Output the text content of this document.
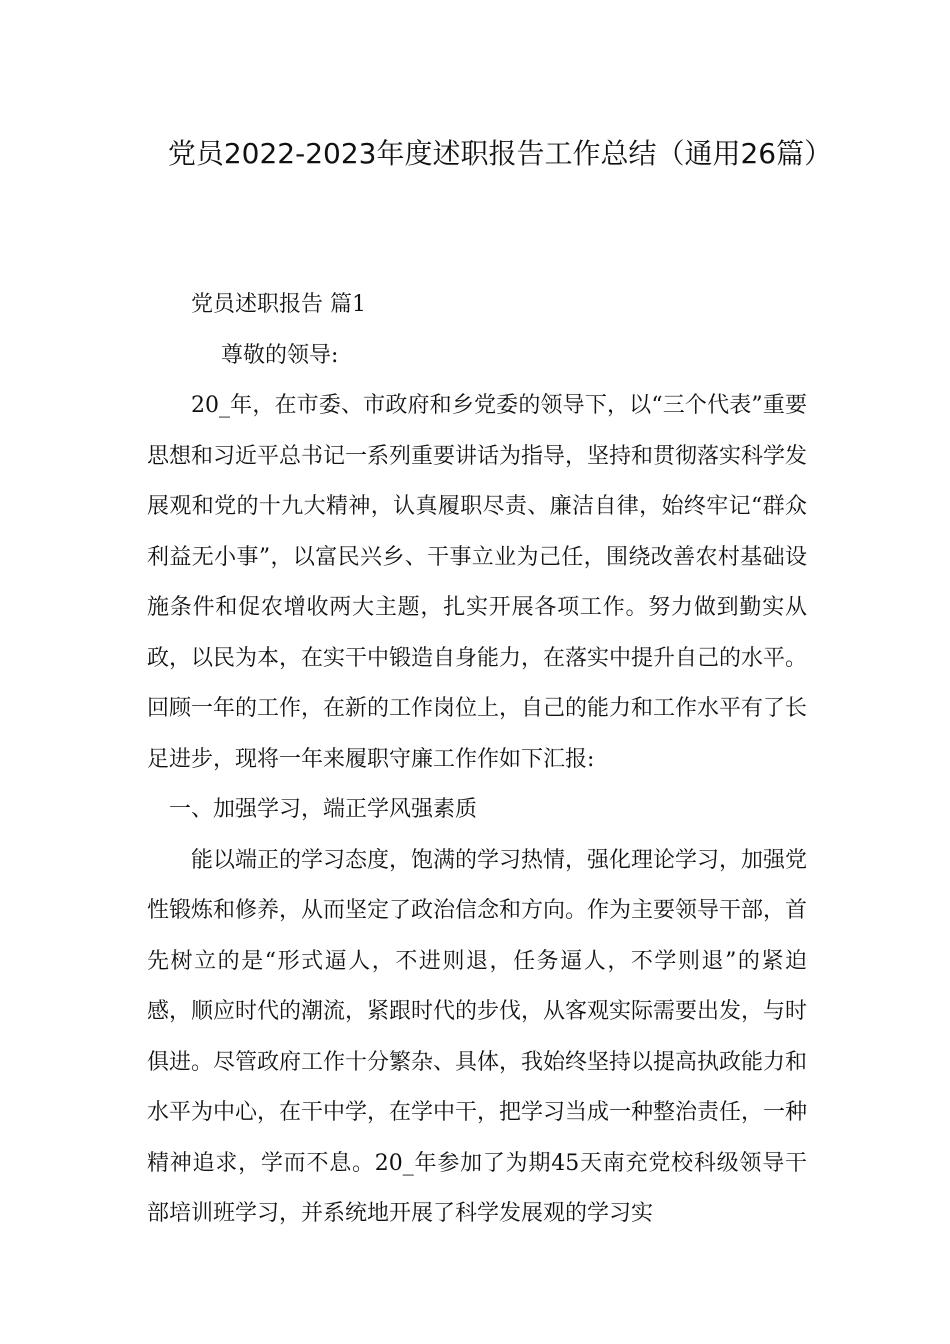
党员2022-2023年度述职报告工作总结（通用26篇）

党员述职报告 篇1

尊敬的领导:

20_年，在市委、市政府和乡党委的领导下，以“三个代表”重要思想和习近平总书记一系列重要讲话为指导，坚持和贯彻落实科学发展观和党的十九大精神，认真履职尽责、廉洁自律，始终牢记“群众利益无小事”，以富民兴乡、干事立业为己任，围绕改善农村基础设施条件和促农增收两大主题，扎实开展各项工作。努力做到勤实从政，以民为本，在实干中锻造自身能力，在落实中提升自己的水平。回顾一年的工作，在新的工作岗位上，自己的能力和工作水平有了长足进步，现将一年来履职守廉工作作如下汇报:

一、加强学习，端正学风强素质

能以端正的学习态度，饱满的学习热情，强化理论学习，加强党性锻炼和修养，从而坚定了政治信念和方向。作为主要领导干部，首先树立的是“形式逼人，不进则退，任务逼人，不学则退”的紧迫感，顺应时代的潮流，紧跟时代的步伐，从客观实际需要出发，与时俱进。尽管政府工作十分繁杂、具体，我始终坚持以提高执政能力和水平为中心，在干中学，在学中干，把学习当成一种整治责任，一种精神追求，学而不息。20_年参加了为期45天南充党校科级领导干部培训班学习，并系统地开展了科学发展观的学习实
